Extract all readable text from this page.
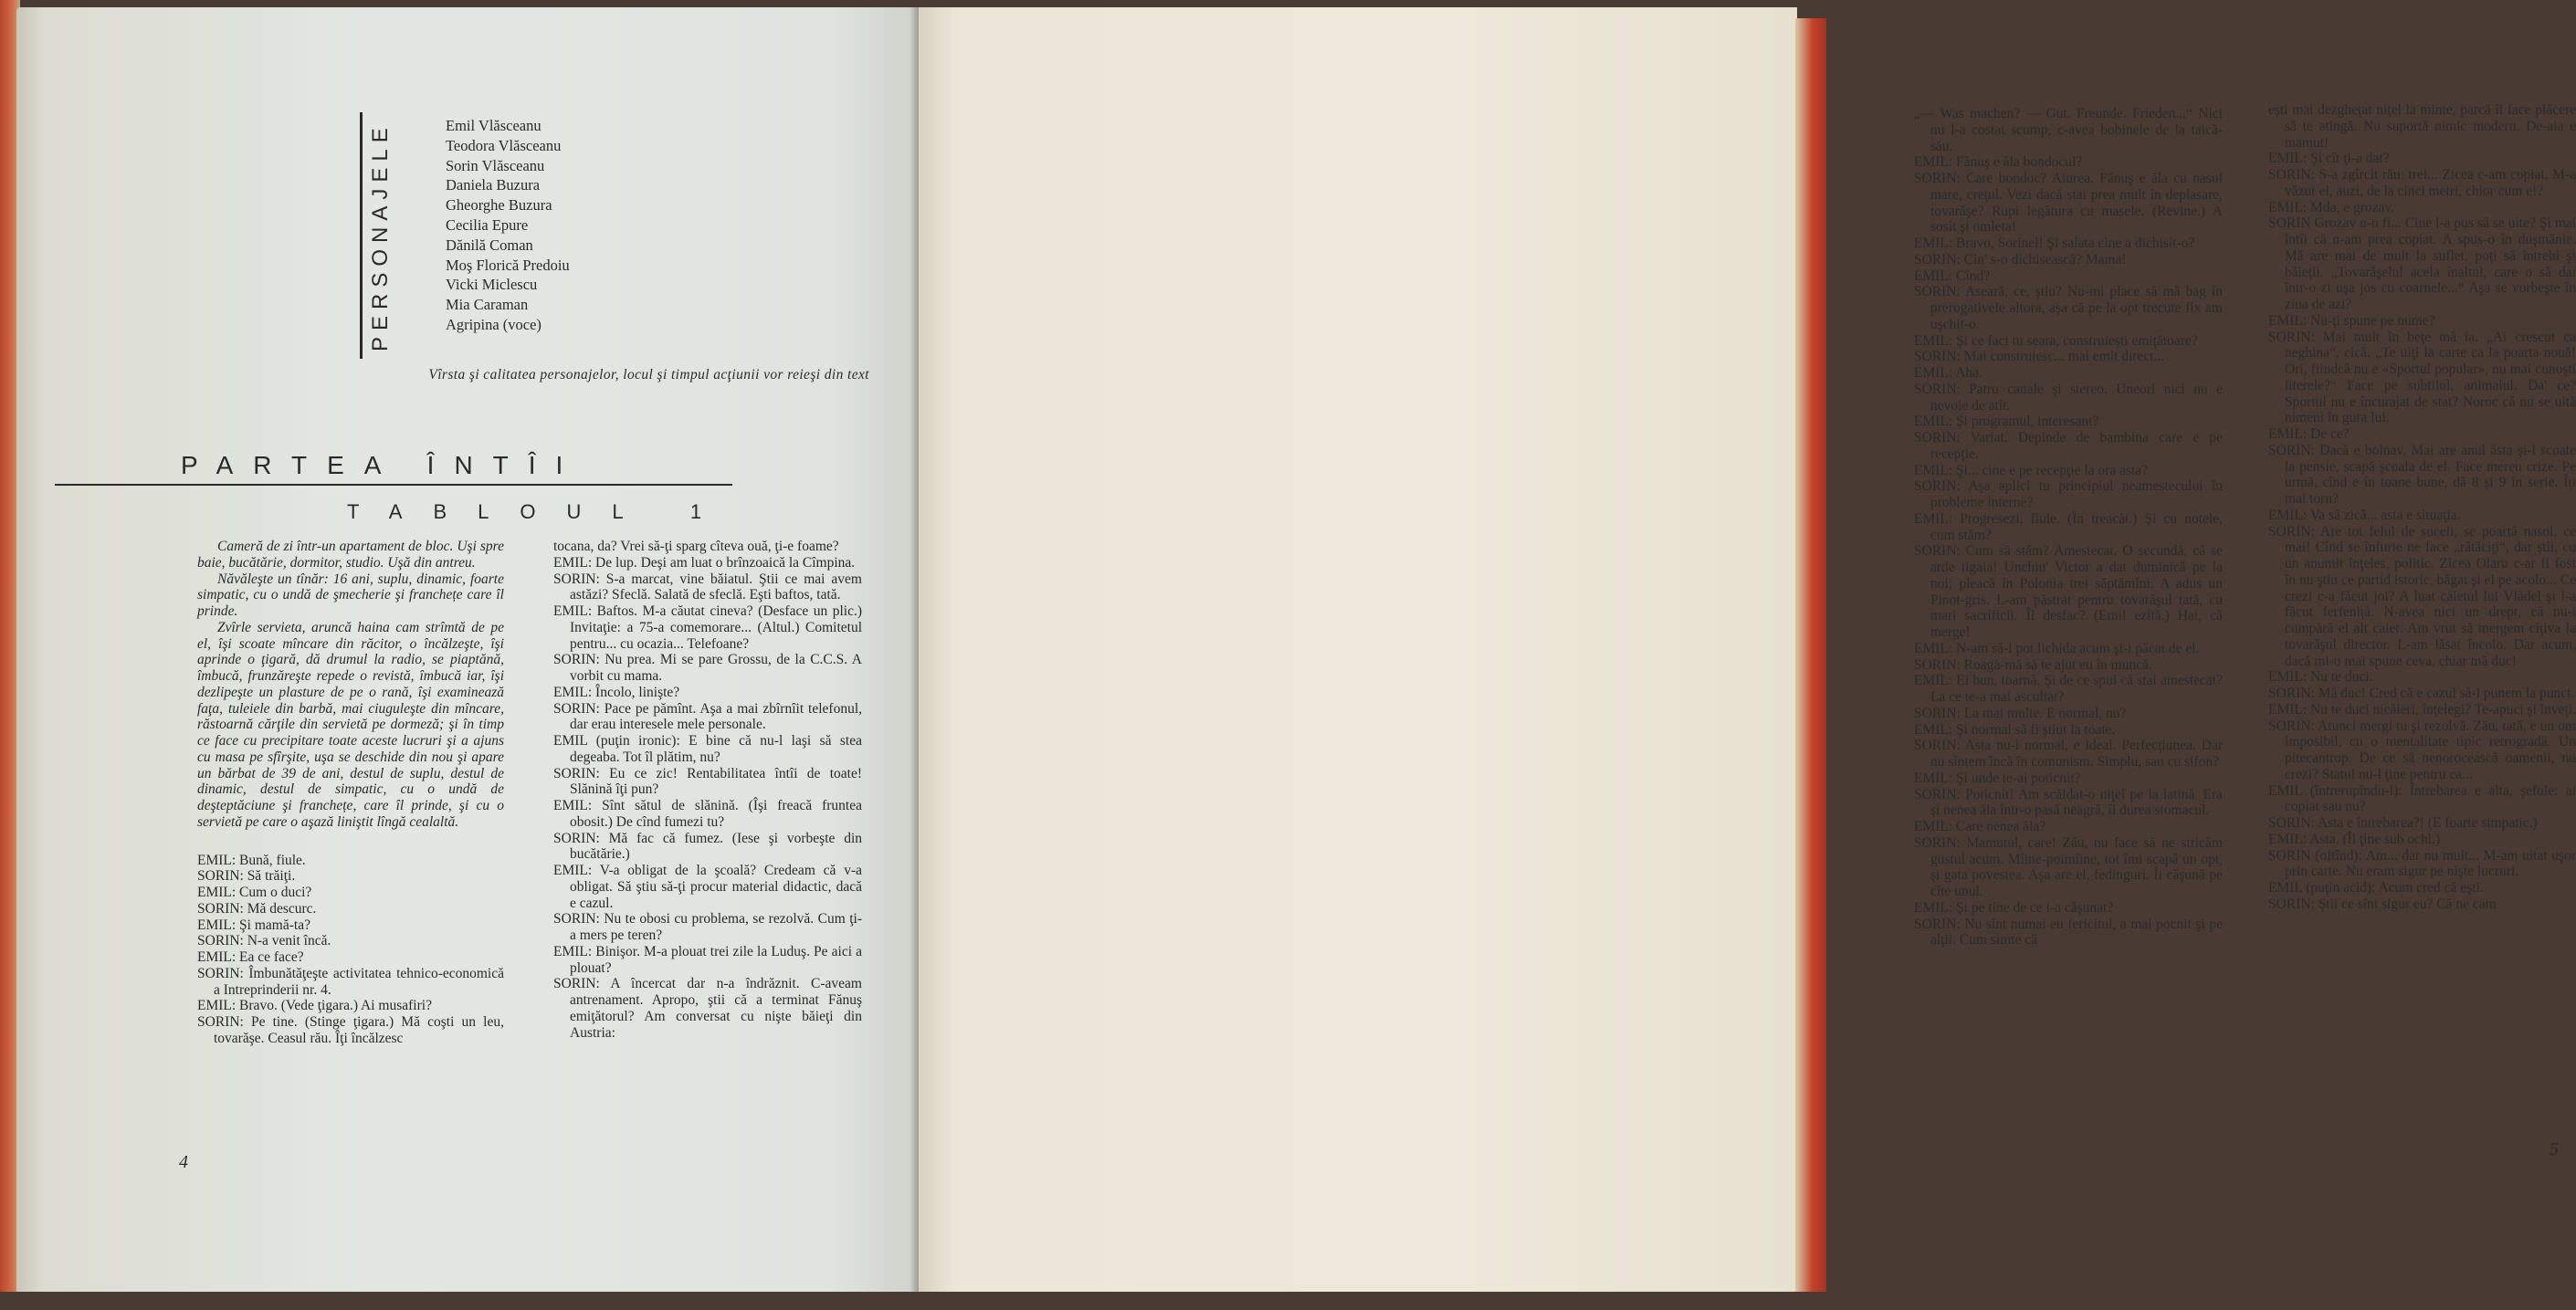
PERSONAJELE	Emil Vlăsceanu
Teodora Vlăsceanu
Sorin Vlăsceanu
Daniela Buzura
Gheorghe Buzura
Cecilia Epure
Dănilă Coman
Moş Florică Predoiu
Vicki Miclescu
Mia Caraman
Agripina (voce)
Vîrsta şi calitatea personajelor, locul şi timpul acţiunii vor reieşi din text
PARTEA ÎNTÎI
TABLOUL 1

Cameră de zi într-un apartament de bloc. Uşi spre baie, bucătărie, dormitor, studio. Uşă din antreu.

Năvăleşte un tînăr: 16 ani, suplu, dinamic, foarte simpatic, cu o undă de şmecherie şi franchețe care îl prinde.

Zvîrle servieta, aruncă haina cam strîmtă de pe el, îşi scoate mîncare din răcitor, o încălzeşte, îşi aprinde o ţigară, dă drumul la radio, se piaptănă, îmbucă, frunzăreşte repede o revistă, îmbucă iar, îşi dezlipeşte un plasture de pe o rană, îşi examinează faţa, tuleiele din barbă, mai ciuguleşte din mîncare, răstoarnă cărţile din servietă pe dormeză; şi în timp ce face cu precipitare toate aceste lucruri şi a ajuns cu masa pe sfîrşite, uşa se deschide din nou şi apare un bărbat de 39 de ani, destul de suplu, destul de dinamic, destul de simpatic, cu o undă de deşteptăciune şi franchețe, care îl prinde, şi cu o servietă pe care o aşază liniştit lîngă cealaltă.

EMIL: Bună, fiule.

SORIN: Să trăiţi.

EMIL: Cum o duci?

SORIN: Mă descurc.

EMIL: Şi mamă-ta?

SORIN: N-a venit încă.

EMIL: Ea ce face?

SORIN: Îmbunătăţeşte activitatea tehnico-economică a Intreprinderii nr. 4.

EMIL: Bravo. (Vede ţigara.) Ai musafiri?

SORIN: Pe tine. (Stinge ţigara.) Mă coşti un leu, tovarăşe. Ceasul rău. Îţi încălzesc

tocana, da? Vrei să-ţi sparg cîteva ouă, ţi-e foame?

EMIL: De lup. Deşi am luat o brînzoaică la Cîmpina.

SORIN: S-a marcat, vine băiatul. Ştii ce mai avem astăzi? Sfeclă. Salată de sfeclă. Eşti baftos, tată.

EMIL: Baftos. M-a căutat cineva? (Desface un plic.) Invitaţie: a 75-a comemorare... (Altul.) Comitetul pentru... cu ocazia... Telefoane?

SORIN: Nu prea. Mi se pare Grossu, de la C.C.S. A vorbit cu mama.

EMIL: Încolo, linişte?

SORIN: Pace pe pămînt. Aşa a mai zbîrnîit telefonul, dar erau interesele mele personale.

EMIL (puţin ironic): E bine că nu-l laşi să stea degeaba. Tot îl plătim, nu?

SORIN: Eu ce zic! Rentabilitatea întîi de toate! Slănină îţi pun?

EMIL: Sînt sătul de slănină. (Îşi freacă fruntea obosit.) De cînd fumezi tu?

SORIN: Mă fac că fumez. (Iese şi vorbeşte din bucătărie.)

EMIL: V-a obligat de la şcoală? Credeam că v-a obligat. Să ştiu să-ţi procur material didactic, dacă e cazul.

SORIN: Nu te obosi cu problema, se rezolvă. Cum ţi-a mers pe teren?

EMIL: Binişor. M-a plouat trei zile la Luduş. Pe aici a plouat?

SORIN: A încercat dar n-a îndrăznit. C-aveam antrenament. Apropo, ştii că a terminat Fănuş emiţătorul? Am conversat cu nişte băieţi din Austria:

4

„— Was machen? — Gut. Freunde. Frieden...“ Nici nu l-a costat scump, c-avea bobinele de la taică-său.

EMIL: Fănuş e ăla bondocul?

SORIN: Care bondoc? Aiurea. Fănuş e ăla cu nasul mare, creţul. Vezi dacă stai prea mult în deplasare, tovarăşe? Rupi legătura cu masele. (Revine.) A sosit şi omleta!

EMIL: Bravo, Sorinel! Şi salata cine a dichisit-o?

SORIN: Cin' s-o dichisească? Mama!

EMIL: Cînd?

SORIN: Aseară, ce, ştiu? Nu-mi place să mă bag în prerogativele altora, aşa că pe la opt trecute fix am uşchit-o.

EMIL: Şi ce faci tu seara, construieşti emiţătoare?

SORIN: Mai construiesc... mai emit direct...

EMIL: Aha.

SORIN: Patru canale şi stereo. Uneori nici nu e nevoie de atît.

EMIL: Şi programul, interesant?

SORIN: Variat. Depinde de bambina care e pe recepţie.

EMIL: Şi... cine e pe recepţie la ora asta?

SORIN: Aşa aplici tu principiul neamestecului în probleme interne?

EMIL: Progresezi, fiule. (În treacăt.) Şi cu notele, cum stăm?

SORIN: Cum să stăm? Amestecat. O secundă, că se arde tigaia! Unchiu' Victor a dat duminică pe la noi; pleacă în Polonia trei săptămîni. A adus un Pinot-gris. L-am păstrat pentru tovarăşul tată, cu mari sacrificii. Îl desfac? (Emil ezită.) Hai, că merge!

EMIL: N-am să-l pot lichida acum şi-i păcat de el.

SORIN: Roagă-mă să te ajut eu în muncă.

EMIL: Ei bun, toarnă. Şi de ce spui că stai amestecat? La ce te-a mai ascultat?

SORIN: La mai multe. E normal, nu?

EMIL: Şi normal să fi ştiut la toate.

SORIN: Asta nu-i normal, e ideal. Perfecţiunea. Dar nu sîntem încă în comunism. Simplu, sau cu sifon?

EMIL: Şi unde te-ai poticnit?

SORIN: Poticnit! Am scăldat-o niţel pe la latină. Era şi nenea ăla într-o pasă neagră, îl durea stomacul.

EMIL: Care nenea ăla?

SORIN: Mamutul, care! Zău, nu face să ne stricăm gustul acum. Mîine-poimîine, tot îmi scapă un opt, şi gata povestea. Aşa are el, fedinguri. Îi căşună pe cîte unul.

EMIL: Şi pe tine de ce i-a căşunat?

SORIN: Nu sînt numai eu fericitul, a mai pocnit şi pe alţii. Cum simte că

eşti mai dezgheţat niţel la minte, parcă îi face plăcere să te atingă. Nu suportă nimic modern. De-aia e mamut!

EMIL: Şi cît ţi-a dat?

SORIN: S-a zgîrcit rău: trei... Zicea c-am copiat. M-a văzut el, auzi, de la cinci metri, chior cum e!?

EMIL: Mda, e grozav.

SORIN Grozav n-o fi... Cine l-a pus să se uite? Şi mai întîi că n-am prea copiat. A spus-o în duşmănie. Mă are mai de mult la suflet, poţi să întrebi şi băieţii. „Tovarăşelul acela înaltul, care o să dai într-o zi uşa jos cu coarnele...“ Aşa se vorbeşte în ziua de azi?

EMIL: Nu-ţi spune pe nume?

SORIN: Mai mult în beţe mă ia. „Ai crescut ca neghina“, cică. „Te uiţi la carte ca la poarta nouă! Ori, fiindcă nu e «Sportul popular», nu mai cunoşti literele?“ Face pe subtilul, animalul. Da' ce? Sportul nu e încurajat de stat? Noroc că nu se uită nimeni în gura lui.

EMIL: De ce?

SORIN: Dacă e bolnav. Mai are anul ăsta şi-l scoate la pensie, scapă şcoala de el. Face mereu crize. Pe urmă, cînd e în toane bune, dă 8 şi 9 în serie. Îţi mai torn?

EMIL: Va să zică... asta e situaţia.

SORIN: Are tot felul de suceli, se poartă nasol, ce mai! Cînd se înfurie ne face „rătăciţi“, dar ştii, cu un anumit înţeles, politic. Zicea Olaru c-ar fi fost în nu ştiu ce partid istoric, băgat şi el pe acolo... Ce crezi c-a făcut joi? A luat caietul lui Vlădel şi l-a făcut ferfeniţă. N-avea nici un drept, că nu-i cumpără el alt caiet. Am vrut să mergem cîţiva la tovarăşul director. L-am lăsat încolo. Dar acum, dacă mi-o mai spune ceva, chiar mă duc!

EMIL: Nu te duci.

SORIN: Mă duc! Cred că e cazul să-l punem la punct.

EMIL: Nu te duci nicăieri, înţelegi? Te-apuci şi înveţi.

SORIN: Atunci mergi tu şi rezolvă. Zău, tată, e un om imposibil, cu o mentalitate tipic retrogradă. Un pitecantrop. De ce să nenorocească oamenii, nu crezi? Statul nu-l ţine pentru ca...

EMIL (întrerupîndu-l): Întrebarea e alta, şefule: ai copiat sau nu?

SORIN: Asta e întrebarea?! (E foarte simpatic.)

EMIL: Asta. (Îl ţine sub ochi.)

SORIN (oftînd): Am... dar nu mult... M-am uitat uşor prin carte. Nu eram sigur pe nişte lucruri.

EMIL (puţin acid): Acum cred că eşti.

SORIN: Ştii ce sînt sigur eu? Că ne cam

5
